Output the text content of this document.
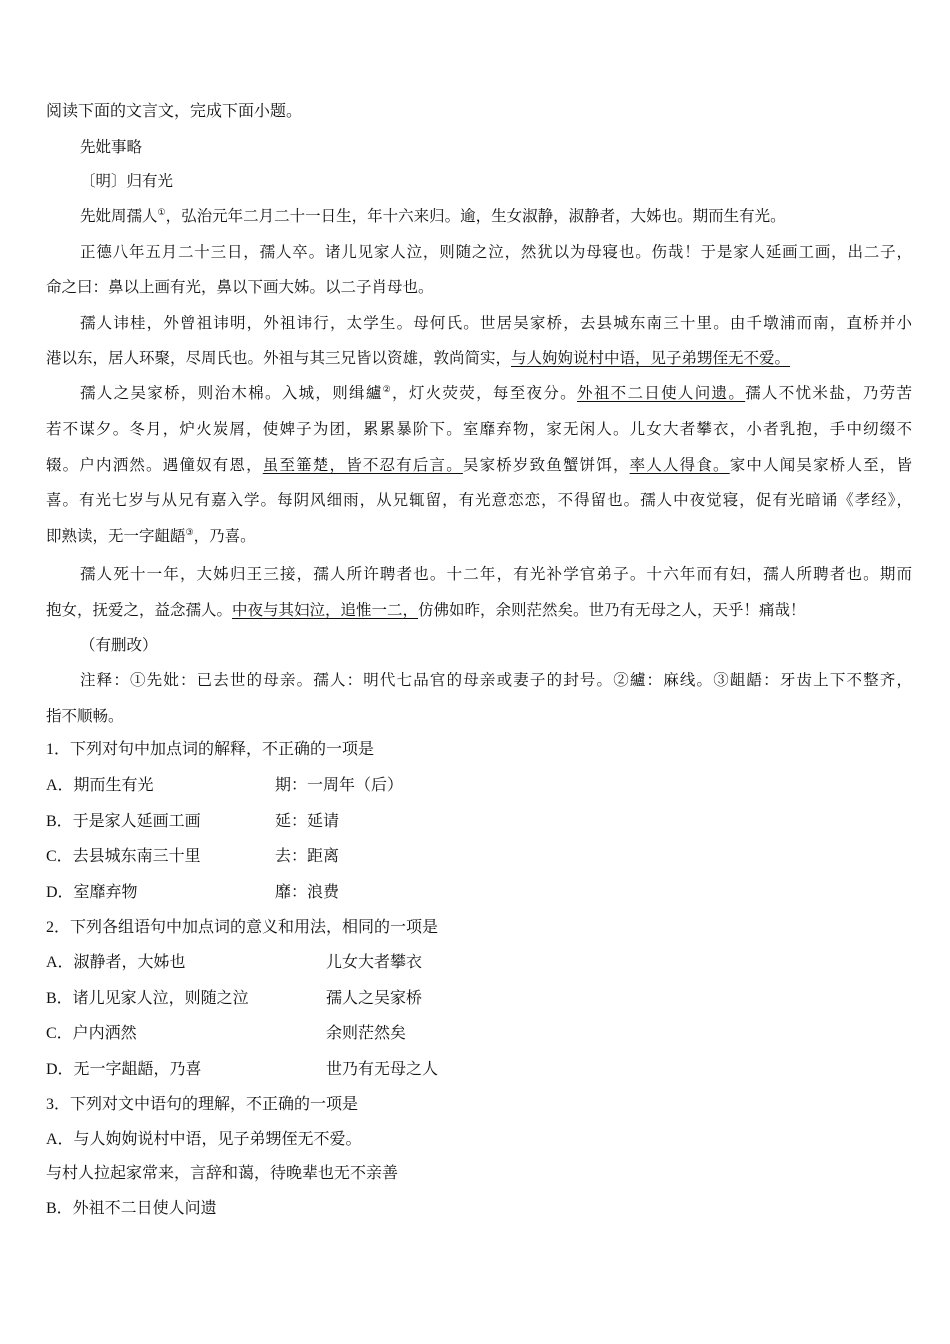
阅读下面的文言文，完成下面小题。
先妣事略
〔明〕归有光
先妣周孺人①，弘治元年二月二十一日生，年十六来归。逾，生女淑静，淑静者，大姊也。期而生有光。
正德八年五月二十三日，孺人卒。诸儿见家人泣，则随之泣，然犹以为母寝也。伤哉！于是家人延画工画，出二子，
命之曰：鼻以上画有光，鼻以下画大姊。以二子肖母也。
孺人讳桂，外曾祖讳明，外祖讳行，太学生。母何氏。世居吴家桥，去县城东南三十里。由千墩浦而南，直桥并小
港以东，居人环聚，尽周氏也。外祖与其三兄皆以资雄，敦尚简实，与人姁姁说村中语，见子弟甥侄无不爱。
孺人之吴家桥，则治木棉。入城，则缉纑②，灯火荧荧，每至夜分。外祖不二日使人问遗。孺人不忧米盐，乃劳苦
若不谋夕。冬月，炉火炭屑，使婢子为团，累累暴阶下。室靡弃物，家无闲人。儿女大者攀衣，小者乳抱，手中纫缀不
辍。户内洒然。遇僮奴有恩，虽至箠楚，皆不忍有后言。吴家桥岁致鱼蟹饼饵，率人人得食。家中人闻吴家桥人至，皆
喜。有光七岁与从兄有嘉入学。每阴风细雨，从兄辄留，有光意恋恋，不得留也。孺人中夜觉寝，促有光暗诵《孝经》，
即熟读，无一字龃龉③，乃喜。
孺人死十一年，大姊归王三接，孺人所许聘者也。十二年，有光补学官弟子。十六年而有妇，孺人所聘者也。期而
抱女，抚爱之，益念孺人。中夜与其妇泣，追惟一二，仿佛如昨，余则茫然矣。世乃有无母之人，天乎！痛哉！
（有删改）
注释：①先妣：已去世的母亲。孺人：明代七品官的母亲或妻子的封号。②纑：麻线。③龃龉：牙齿上下不整齐，
指不顺畅。
1．下列对句中加点词的解释，不正确的一项是
A．期而生有光	期：一周年（后）
B．于是家人延画工画	延：延请
C．去县城东南三十里	去：距离
D．室靡弃物	靡：浪费
2．下列各组语句中加点词的意义和用法，相同的一项是
A．淑静者，大姊也	儿女大者攀衣
B．诸儿见家人泣，则随之泣	孺人之吴家桥
C．户内洒然	余则茫然矣
D．无一字龃龉，乃喜	世乃有无母之人
3．下列对文中语句的理解，不正确的一项是
A．与人姁姁说村中语，见子弟甥侄无不爱。
与村人拉起家常来，言辞和蔼，待晚辈也无不亲善
B．外祖不二日使人问遗
